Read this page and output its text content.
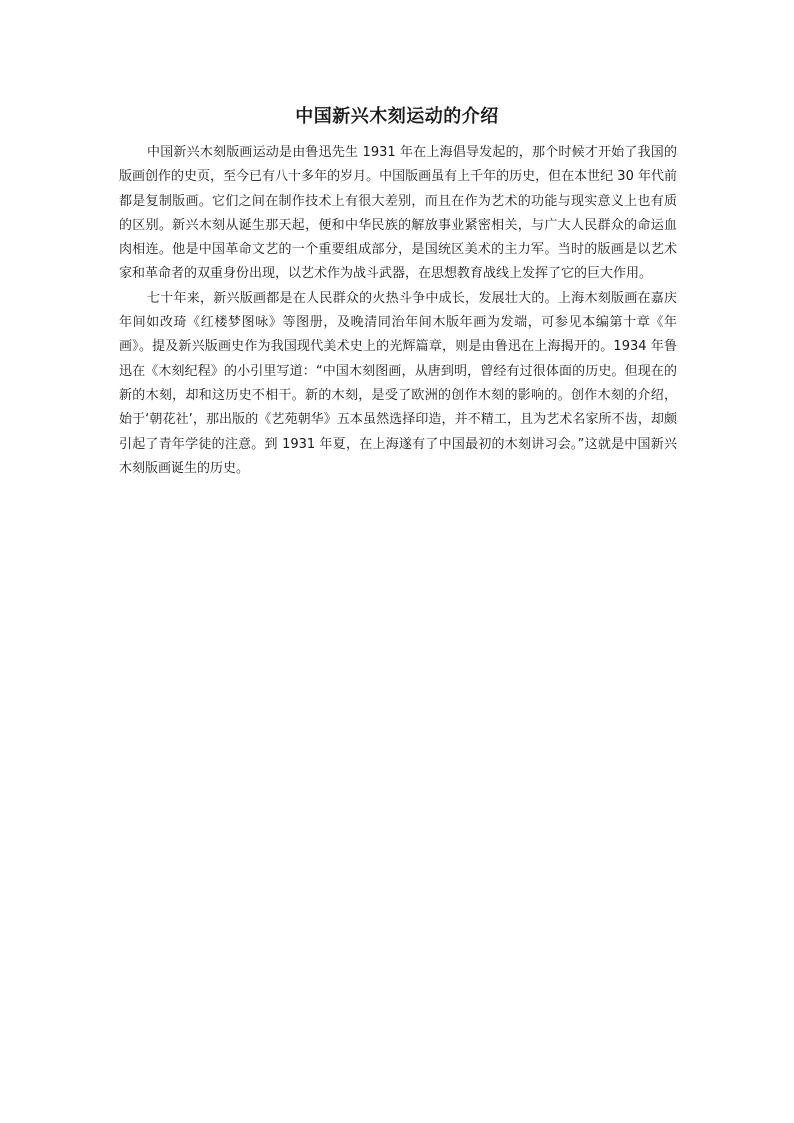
中国新兴木刻运动的介绍

中国新兴木刻版画运动是由鲁迅先生 1931 年在上海倡导发起的，那个时候才开始了我国的版画创作的史页，至今已有八十多年的岁月。中国版画虽有上千年的历史，但在本世纪 30 年代前都是复制版画。它们之间在制作技术上有很大差别，而且在作为艺术的功能与现实意义上也有质的区别。新兴木刻从诞生那天起，便和中华民族的解放事业紧密相关，与广大人民群众的命运血肉相连。他是中国革命文艺的一个重要组成部分，是国统区美术的主力军。当时的版画是以艺术家和革命者的双重身份出现，以艺术作为战斗武器，在思想教育战线上发挥了它的巨大作用。

七十年来，新兴版画都是在人民群众的火热斗争中成长，发展壮大的。上海木刻版画在嘉庆年间如改琦《红楼梦图咏》等图册，及晚清同治年间木版年画为发端，可参见本编第十章《年画》。提及新兴版画史作为我国现代美术史上的光辉篇章，则是由鲁迅在上海揭开的。1934 年鲁迅在《木刻纪程》的小引里写道：“中国木刻图画，从唐到明，曾经有过很体面的历史。但现在的新的木刻，却和这历史不相干。新的木刻，是受了欧洲的创作木刻的影响的。创作木刻的介绍，始于‘朝花社’，那出版的《艺苑朝华》五本虽然选择印造，并不精工，且为艺术名家所不齿，却颇引起了青年学徒的注意。到 1931 年夏，在上海遂有了中国最初的木刻讲习会。”这就是中国新兴木刻版画诞生的历史。
